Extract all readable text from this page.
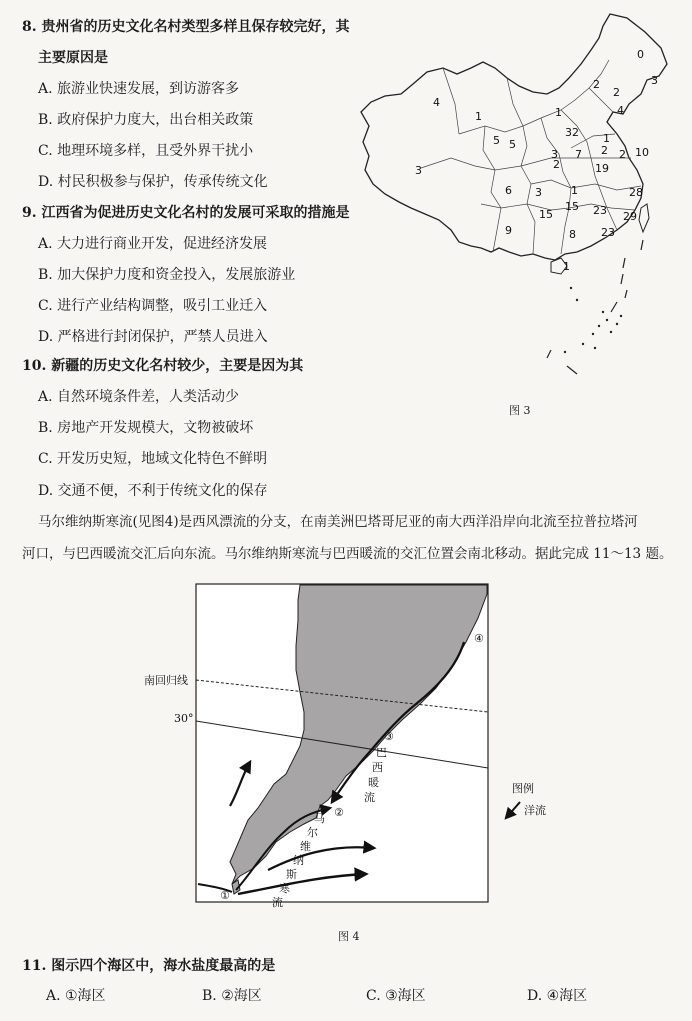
8. 贵州省的历史文化名村类型多样且保存较完好，其
主要原因是
A. 旅游业快速发展，到访游客多
B. 政府保护力度大，出台相关政策
C. 地理环境多样，且受外界干扰小
D. 村民积极参与保护，传承传统文化
9. 江西省为促进历史文化名村的发展可采取的措施是
A. 大力进行商业开发，促进经济发展
B. 加大保护力度和资金投入，发展旅游业
C. 进行产业结构调整，吸引工业迁入
D. 严格进行封闭保护，严禁人员进入
10. 新疆的历史文化名村较少，主要是因为其
A. 自然环境条件差，人类活动少
B. 房地产开发规模大，文物被破坏
C. 开发历史短，地域文化特色不鲜明
D. 交通不便，不利于传统文化的保存
0
2
4
2
3
4
1
1
32 1
5
2 2 10
5
7
3	2	19
3
6	1
3	28
15
15 23 29
9	8 23
1
图 3
马尔维纳斯寒流(见图4)是西风漂流的分支，在南美洲巴塔哥尼亚的南大西洋沿岸向北流至拉普拉塔河
河口，与巴西暖流交汇后向东流。马尔维纳斯寒流与巴西暖流的交汇位置会南北移动。据此完成 11～13 题。
南回归线
30°
巴
西
暖
流
马
尔
维
纳
斯
寒
流
①
②
③
④
图例
洋流
图 4
11. 图示四个海区中，海水盐度最高的是
A. ①海区	B. ②海区	C. ③海区	D. ④海区
